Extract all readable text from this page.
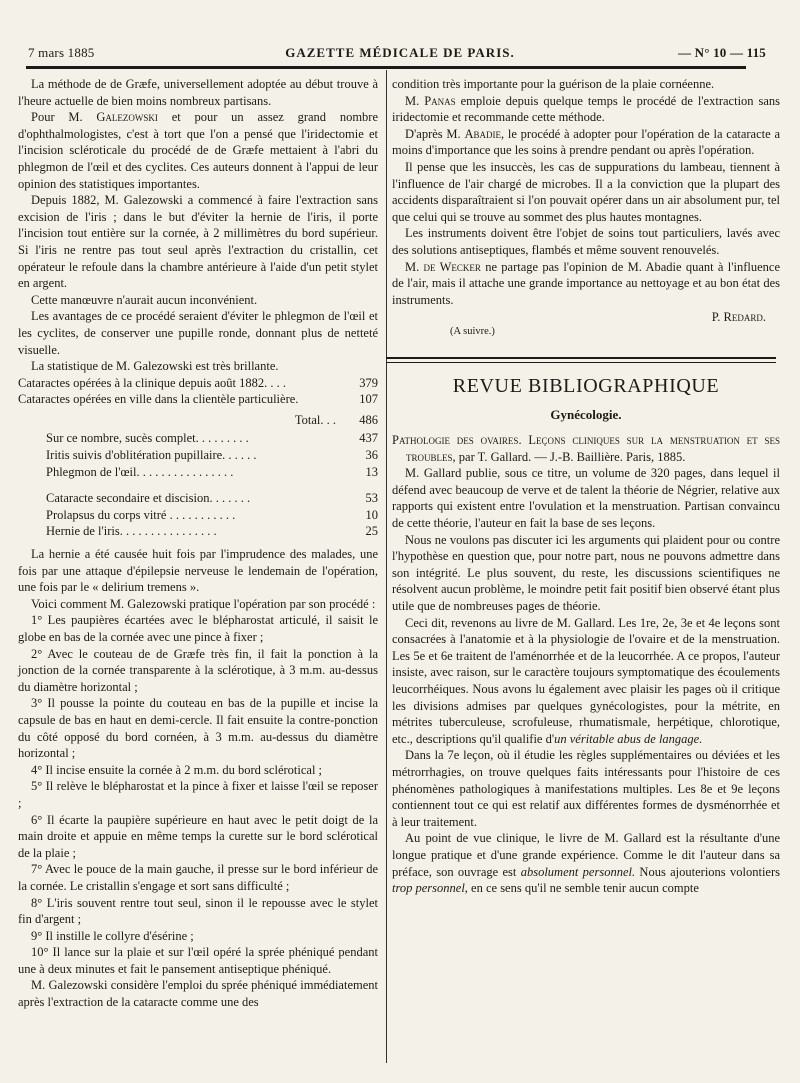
7 mars 1885	GAZETTE MÉDICALE DE PARIS.	— N° 10 — 115

La méthode de de Græfe, universellement adoptée au début trouve à l'heure actuelle de bien moins nombreux partisans.

Pour M. Galezowski et pour un assez grand nombre d'ophthalmologistes, c'est à tort que l'on a pensé que l'iridectomie et l'incision scléroticale du procédé de de Græfe mettaient à l'abri du phlegmon de l'œil et des cyclites. Ces auteurs donnent à l'appui de leur opinion des statistiques importantes.

Depuis 1882, M. Galezowski a commencé à faire l'extraction sans excision de l'iris ; dans le but d'éviter la hernie de l'iris, il porte l'incision tout entière sur la cornée, à 2 millimètres du bord supérieur. Si l'iris ne rentre pas tout seul après l'extraction du cristallin, cet opérateur le refoule dans la chambre antérieure à l'aide d'un petit stylet en argent.

Cette manœuvre n'aurait aucun inconvénient.

Les avantages de ce procédé seraient d'éviter le phlegmon de l'œil et les cyclites, de conserver une pupille ronde, donnant plus de netteté visuelle.

La statistique de M. Galezowski est très brillante.

Cataractes opérées à la clinique depuis août 1882. . . .	379
Cataractes opérées en ville dans la clientèle particulière.	107
Total. . .	486
Sur ce nombre, sucès complet. . . . . . . . .	437
Iritis suivis d'oblitération pupillaire. . . . . .	36
Phlegmon de l'œil. . . . . . . . . . . . . . . .	13
Cataracte secondaire et discision. . . . . . .	53
Prolapsus du corps vitré . . . . . . . . . . .	10
Hernie de l'iris. . . . . . . . . . . . . . . .	25

La hernie a été causée huit fois par l'imprudence des malades, une fois par une attaque d'épilepsie nerveuse le lendemain de l'opération, une fois par le « delirium tremens ».

Voici comment M. Galezowski pratique l'opération par son procédé :

1° Les paupières écartées avec le blépharostat articulé, il saisit le globe en bas de la cornée avec une pince à fixer ;

2° Avec le couteau de de Græfe très fin, il fait la ponction à la jonction de la cornée transparente à la sclérotique, à 3 m.m. au-dessus du diamètre horizontal ;

3° Il pousse la pointe du couteau en bas de la pupille et incise la capsule de bas en haut en demi-cercle. Il fait ensuite la contre-ponction du côté opposé du bord cornéen, à 3 m.m. au-dessus du diamètre horizontal ;

4° Il incise ensuite la cornée à 2 m.m. du bord sclérotical ;

5° Il relève le blépharostat et la pince à fixer et laisse l'œil se reposer ;

6° Il écarte la paupière supérieure en haut avec le petit doigt de la main droite et appuie en même temps la curette sur le bord sclérotical de la plaie ;

7° Avec le pouce de la main gauche, il presse sur le bord inférieur de la cornée. Le cristallin s'engage et sort sans difficulté ;

8° L'iris souvent rentre tout seul, sinon il le repousse avec le stylet fin d'argent ;

9° Il instille le collyre d'ésérine ;

10° Il lance sur la plaie et sur l'œil opéré la sprée phéniqué pendant une à deux minutes et fait le pansement antiseptique phéniqué.

M. Galezowski considère l'emploi du sprée phéniqué immédiatement après l'extraction de la cataracte comme une des

condition très importante pour la guérison de la plaie cornéenne.

M. Panas emploie depuis quelque temps le procédé de l'extraction sans iridectomie et recommande cette méthode.

D'après M. Abadie, le procédé à adopter pour l'opération de la cataracte a moins d'importance que les soins à prendre pendant ou après l'opération.

Il pense que les insuccès, les cas de suppurations du lambeau, tiennent à l'influence de l'air chargé de microbes. Il a la conviction que la plupart des accidents disparaîtraient si l'on pouvait opérer dans un air absolument pur, tel que celui qui se trouve au sommet des plus hautes montagnes.

Les instruments doivent être l'objet de soins tout particuliers, lavés avec des solutions antiseptiques, flambés et même souvent renouvelés.

M. de Wecker ne partage pas l'opinion de M. Abadie quant à l'influence de l'air, mais il attache une grande importance au nettoyage et au bon état des instruments.

P. Redard.
(A suivre.)
REVUE BIBLIOGRAPHIQUE
Gynécologie.

Pathologie des ovaires. Leçons cliniques sur la menstruation et ses troubles, par T. Gallard. — J.-B. Baillière. Paris, 1885.

M. Gallard publie, sous ce titre, un volume de 320 pages, dans lequel il défend avec beaucoup de verve et de talent la théorie de Négrier, relative aux rapports qui existent entre l'ovulation et la menstruation. Partisan convaincu de cette théorie, l'auteur en fait la base de ses leçons.

Nous ne voulons pas discuter ici les arguments qui plaident pour ou contre l'hypothèse en question que, pour notre part, nous ne pouvons admettre dans son intégrité. Le plus souvent, du reste, les discussions scientifiques ne résolvent aucun problème, le moindre petit fait positif bien observé étant plus utile que de nombreuses pages de théorie.

Ceci dit, revenons au livre de M. Gallard. Les 1re, 2e, 3e et 4e leçons sont consacrées à l'anatomie et à la physiologie de l'ovaire et de la menstruation. Les 5e et 6e traitent de l'aménorrhée et de la leucorrhée. A ce propos, l'auteur insiste, avec raison, sur le caractère toujours symptomatique des écoulements leucorrhéiques. Nous avons lu également avec plaisir les pages où il critique les divisions admises par quelques gynécologistes, pour la métrite, en métrites tuberculeuse, scrofuleuse, rhumatismale, herpétique, chlorotique, etc., descriptions qu'il qualifie d'un véritable abus de langage.

Dans la 7e leçon, où il étudie les règles supplémentaires ou déviées et les métrorrhagies, on trouve quelques faits intéressants pour l'histoire de ces phénomènes pathologiques à manifestations multiples. Les 8e et 9e leçons contiennent tout ce qui est relatif aux différentes formes de dysménorrhée et à leur traitement.

Au point de vue clinique, le livre de M. Gallard est la résultante d'une longue pratique et d'une grande expérience. Comme le dit l'auteur dans sa préface, son ouvrage est absolument personnel. Nous ajouterions volontiers trop personnel, en ce sens qu'il ne semble tenir aucun compte
